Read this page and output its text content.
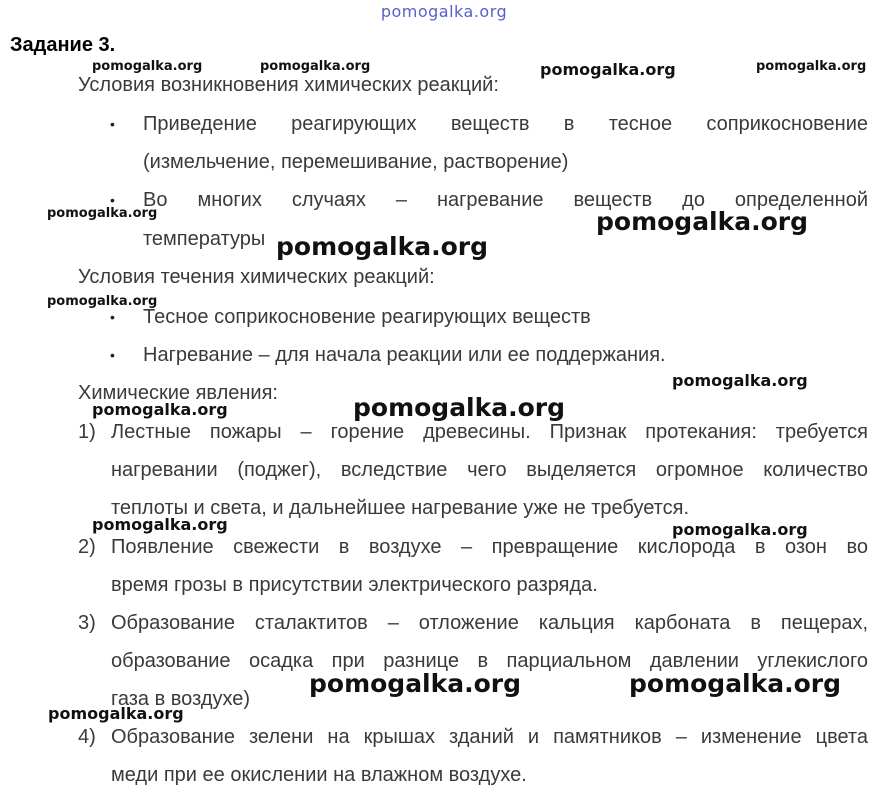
pomogalka.org
Задание 3.
Условия возникновения химических реакций:
• Приведение реагирующих веществ в тесное соприкосновение
(измельчение, перемешивание, растворение)
• Во многих случаях – нагревание веществ до определенной
температуры
Условия течения химических реакций:
• Тесное соприкосновение реагирующих веществ
• Нагревание – для начала реакции или ее поддержания.
Химические явления:
1) Лестные пожары – горение древесины. Признак протекания: требуется
нагревании (поджег), вследствие чего выделяется огромное количество
теплоты и света, и дальнейшее нагревание уже не требуется.
2) Появление свежести в воздухе – превращение кислорода в озон во
время грозы в присутствии электрического разряда.
3) Образование сталактитов – отложение кальция карбоната в пещерах,
образование осадка при разнице в парциальном давлении углекислого
газа в воздухе)
4) Образование зелени на крышах зданий и памятников – изменение цвета
меди при ее окислении на влажном воздухе.
pomogalka.org	pomogalka.org	pomogalka.org	pomogalka.org
pomogalka.org	pomogalka.org
pomogalka.org
pomogalka.org
pomogalka.org
pomogalka.org	pomogalka.org
pomogalka.org	pomogalka.org
pomogalka.org	pomogalka.org
pomogalka.org
